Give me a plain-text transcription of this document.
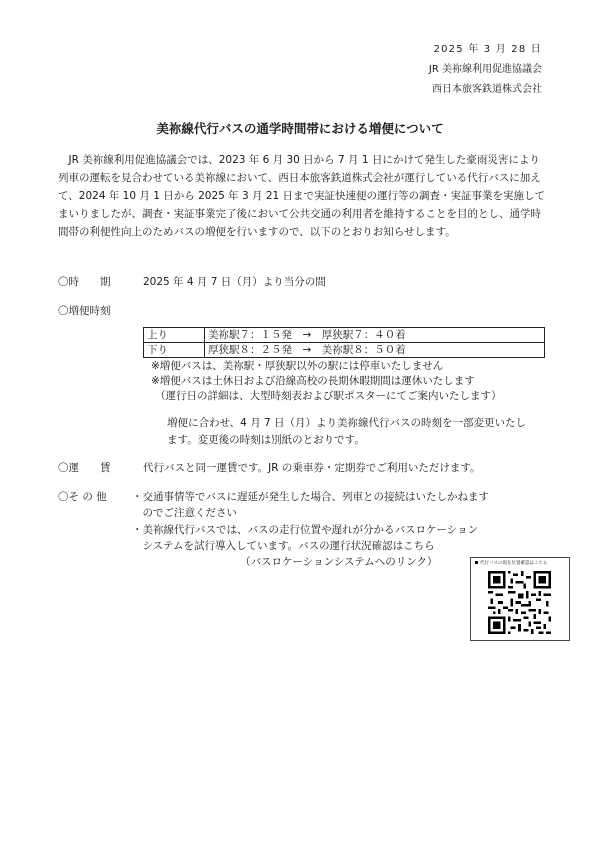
2025 年 3 月 28 日
JR 美祢線利用促進協議会
西日本旅客鉄道株式会社
美祢線代行バスの通学時間帯における増便について
JR 美祢線利用促進協議会では、2023 年 6 月 30 日から 7 月 1 日にかけて発生した豪雨災害により列車の運転を見合わせている美祢線において、西日本旅客鉄道株式会社が運行している代行バスに加えて、2024 年 10 月 1 日から 2025 年 3 月 21 日まで実証快速便の運行等の調査・実証事業を実施してまいりましたが、調査・実証事業完了後において公共交通の利用者を維持することを目的とし、通学時間帯の利便性向上のためバスの増便を行いますので、以下のとおりお知らせします。
〇時　　期	2025 年 4 月 7 日（月）より当分の間
〇増便時刻
上り	美祢駅７：１５発　→　厚狭駅７：４０着
下り	厚狭駅８：２５発　→　美祢駅８：５０着
※増便バスは、美祢駅・厚狭駅以外の駅には停車いたしません
※増便バスは土休日および沿線高校の長期休暇期間は運休いたします
（運行日の詳細は、大型時刻表および駅ポスターにてご案内いたします）
増便に合わせ、4 月 7 日（月）より美祢線代行バスの時刻を一部変更いたし
ます。変更後の時刻は別紙のとおりです。
〇運　　賃	代行バスと同一運賃です。JR の乗車券・定期券でご利用いただけます。
〇そ の 他 ・交通事情等でバスに遅延が発生した場合、列車との接続はいたしかねます
　のでご注意ください
・美祢線代行バスでは、バスの走行位置や遅れが分かるバスロケーション
　システムを試行導入しています。バスの運行状況確認はこちら
（バスロケーションシステムへのリンク）	代行バスの現在位置確認はこちら
